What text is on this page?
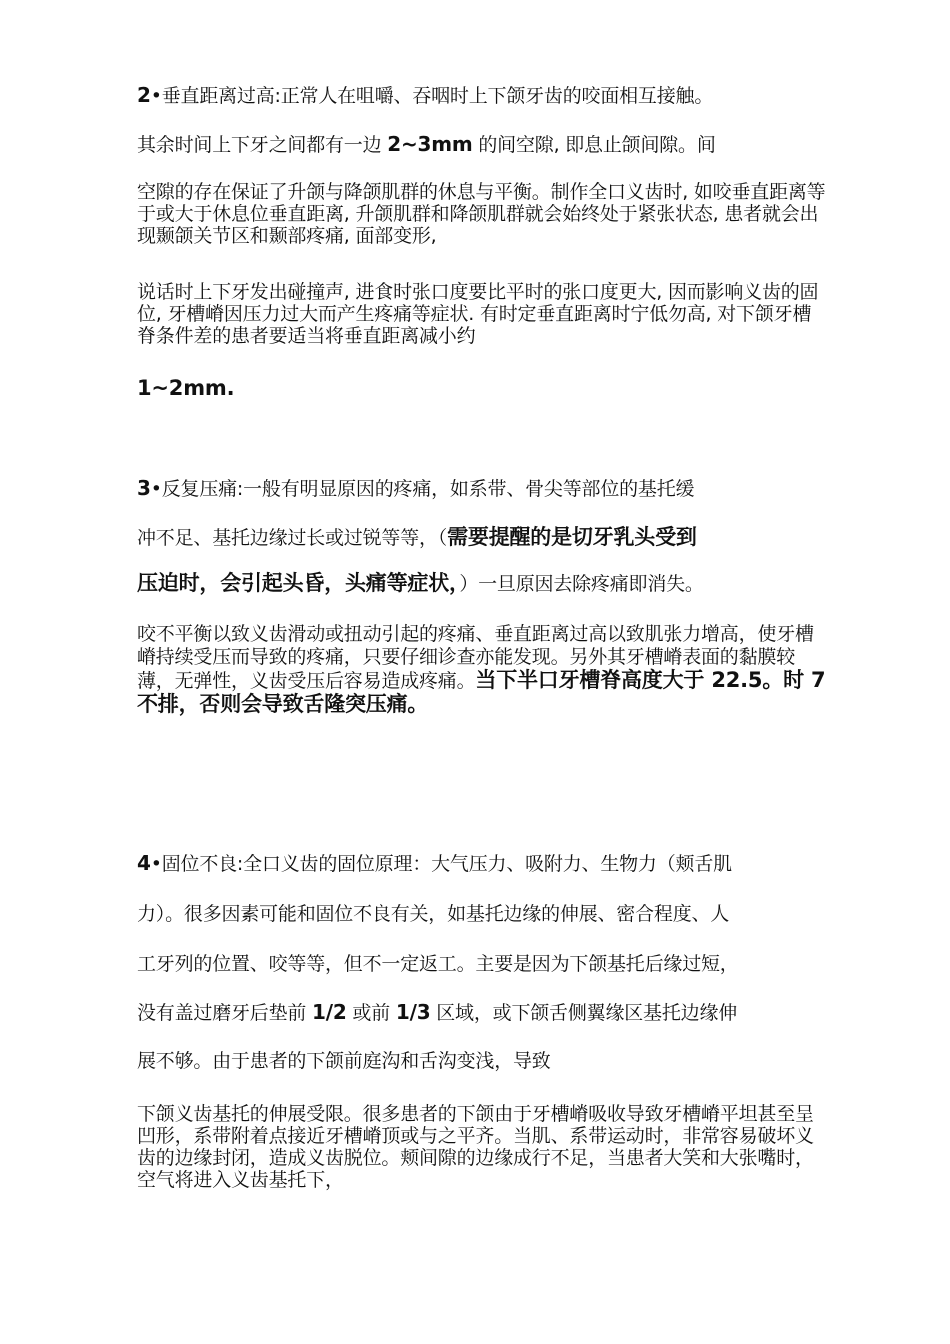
2•垂直距离过高:正常人在咀嚼、吞咽时上下颌牙齿的咬面相互接触。

其余时间上下牙之间都有一边 2~3mm 的间空隙, 即息止颌间隙。间

空隙的存在保证了升颌与降颌肌群的休息与平衡。制作全口义齿时, 如咬垂直距离等于或大于休息位垂直距离, 升颌肌群和降颌肌群就会始终处于紧张状态, 患者就会出现颞颌关节区和颞部疼痛, 面部变形,

说话时上下牙发出碰撞声, 进食时张口度要比平时的张口度更大, 因而影响义齿的固位, 牙槽嵴因压力过大而产生疼痛等症状. 有时定垂直距离时宁低勿高, 对下颌牙槽脊条件差的患者要适当将垂直距离减小约

1~2mm.

3•反复压痛:一般有明显原因的疼痛，如系带、骨尖等部位的基托缓

冲不足、基托边缘过长或过锐等等，（需要提醒的是切牙乳头受到

压迫时，会引起头昏，头痛等症状，）一旦原因去除疼痛即消失。

咬不平衡以致义齿滑动或扭动引起的疼痛、垂直距离过高以致肌张力增高，使牙槽嵴持续受压而导致的疼痛，只要仔细诊查亦能发现。另外其牙槽嵴表面的黏膜较薄，无弹性，义齿受压后容易造成疼痛。当下半口牙槽脊高度大于 22.5。时 7 不排，否则会导致舌隆突压痛。

4•固位不良:全口义齿的固位原理：大气压力、吸附力、生物力（颊舌肌

力）。很多因素可能和固位不良有关，如基托边缘的伸展、密合程度、人

工牙列的位置、咬等等，但不一定返工。主要是因为下颌基托后缘过短，

没有盖过磨牙后垫前 1/2 或前 1/3 区域，或下颌舌侧翼缘区基托边缘伸

展不够。由于患者的下颌前庭沟和舌沟变浅，导致

下颌义齿基托的伸展受限。很多患者的下颌由于牙槽嵴吸收导致牙槽嵴平坦甚至呈凹形，系带附着点接近牙槽嵴顶或与之平齐。当肌、系带运动时，非常容易破坏义齿的边缘封闭，造成义齿脱位。颊间隙的边缘成行不足，当患者大笑和大张嘴时，空气将进入义齿基托下，
